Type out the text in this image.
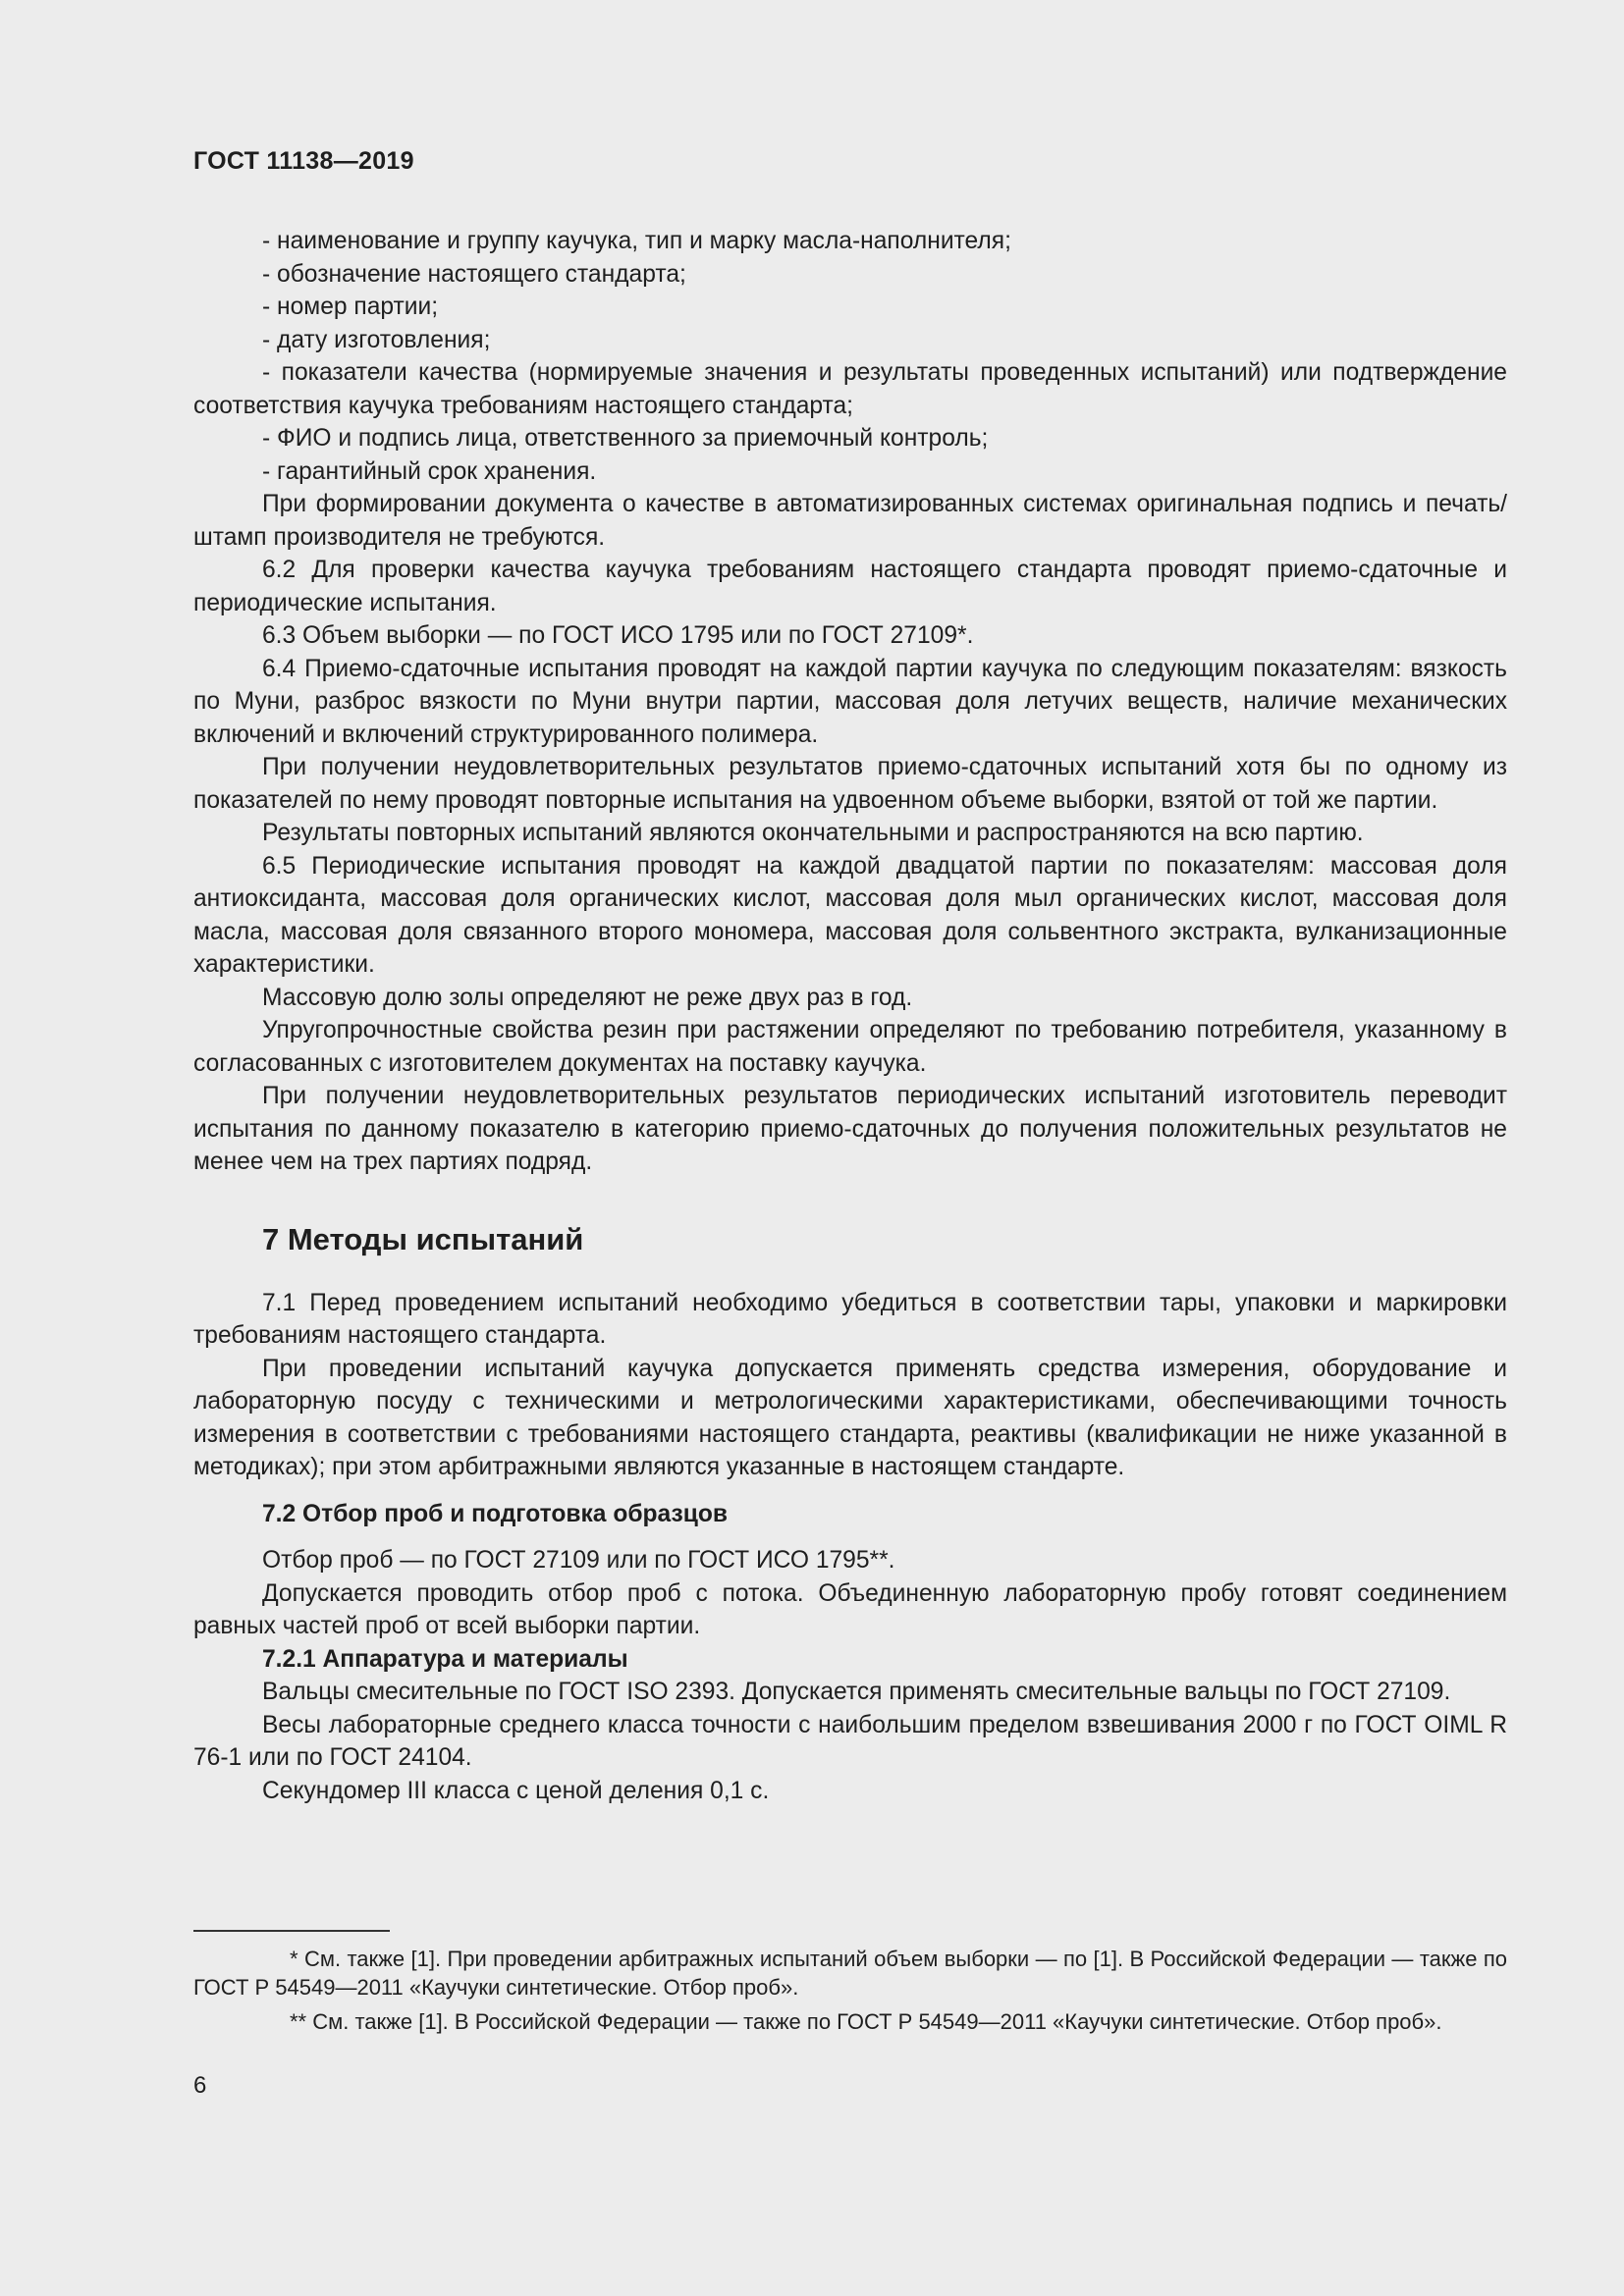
ГОСТ 11138—2019

- наименование и группу каучука, тип и марку масла-наполнителя;

- обозначение настоящего стандарта;

- номер партии;

- дату изготовления;

- показатели качества (нормируемые значения и результаты проведенных испытаний) или подтверждение соответствия каучука требованиям настоящего стандарта;

- ФИО и подпись лица, ответственного за приемочный контроль;

- гарантийный срок хранения.

При формировании документа о качестве в автоматизированных системах оригинальная подпись и печать/штамп производителя не требуются.

6.2 Для проверки качества каучука требованиям настоящего стандарта проводят приемо-сдаточные и периодические испытания.

6.3 Объем выборки — по ГОСТ ИСО 1795 или по ГОСТ 27109*.

6.4 Приемо-сдаточные испытания проводят на каждой партии каучука по следующим показателям: вязкость по Муни, разброс вязкости по Муни внутри партии, массовая доля летучих веществ, наличие механических включений и включений структурированного полимера.

При получении неудовлетворительных результатов приемо-сдаточных испытаний хотя бы по одному из показателей по нему проводят повторные испытания на удвоенном объеме выборки, взятой от той же партии.

Результаты повторных испытаний являются окончательными и распространяются на всю партию.

6.5 Периодические испытания проводят на каждой двадцатой партии по показателям: массовая доля антиоксиданта, массовая доля органических кислот, массовая доля мыл органических кислот, массовая доля масла, массовая доля связанного второго мономера, массовая доля сольвентного экстракта, вулканизационные характеристики.

Массовую долю золы определяют не реже двух раз в год.

Упругопрочностные свойства резин при растяжении определяют по требованию потребителя, указанному в согласованных с изготовителем документах на поставку каучука.

При получении неудовлетворительных результатов периодических испытаний изготовитель переводит испытания по данному показателю в категорию приемо-сдаточных до получения положительных результатов не менее чем на трех партиях подряд.

7 Методы испытаний

7.1 Перед проведением испытаний необходимо убедиться в соответствии тары, упаковки и маркировки требованиям настоящего стандарта.

При проведении испытаний каучука допускается применять средства измерения, оборудование и лабораторную посуду с техническими и метрологическими характеристиками, обеспечивающими точность измерения в соответствии с требованиями настоящего стандарта, реактивы (квалификации не ниже указанной в методиках); при этом арбитражными являются указанные в настоящем стандарте.

7.2 Отбор проб и подготовка образцов

Отбор проб — по ГОСТ 27109 или по ГОСТ ИСО 1795**.

Допускается проводить отбор проб с потока. Объединенную лабораторную пробу готовят соединением равных частей проб от всей выборки партии.

7.2.1 Аппаратура и материалы

Вальцы смесительные по ГОСТ ISO 2393. Допускается применять смесительные вальцы по ГОСТ 27109.

Весы лабораторные среднего класса точности с наибольшим пределом взвешивания 2000 г по ГОСТ OIML R 76-1 или по ГОСТ 24104.

Секундомер III класса с ценой деления 0,1 с.

* См. также [1]. При проведении арбитражных испытаний объем выборки — по [1]. В Российской Федерации — также по ГОСТ Р 54549—2011 «Каучуки синтетические. Отбор проб».

** См. также [1]. В Российской Федерации — также по ГОСТ Р 54549—2011 «Каучуки синтетические. Отбор проб».

6
